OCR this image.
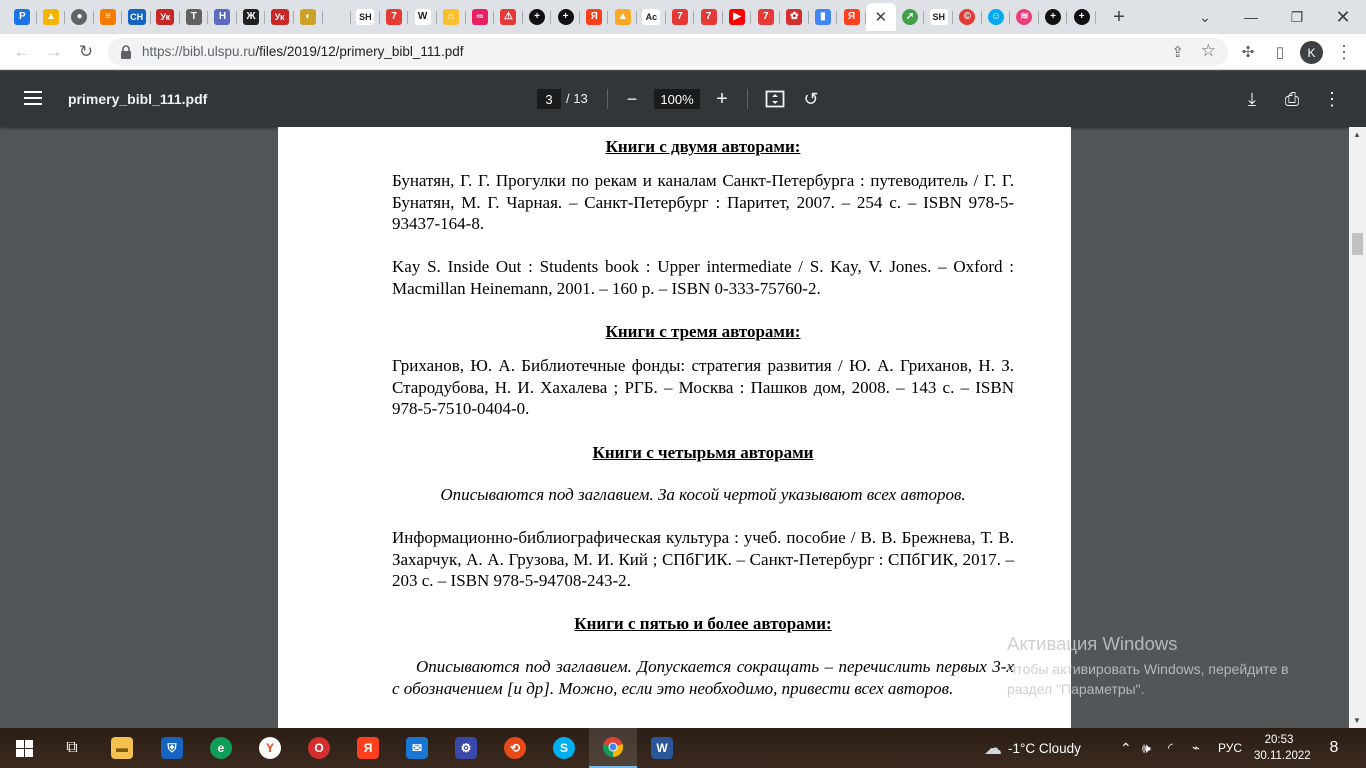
P	▲	●	≡	CH	Ук	T	H	Ж	Ук	◐	SH	7	W	⌂	∞	⚠	+	+	Я	▲	Ac	7	7	▶	7	✿	▮	Я ✕	➚	SH	©	☺	≋	+	+	+	⌄	—	❐	✕
← → ↻	https://bibl.ulspu.ru/files/2019/12/primery_bibl_111.pdf	⇪ ☆	✣	▯	⋮
K
primery_bibl_111.pdf	3	/ 13	−	100%	+	↺	⤓	⎙ ⋮
Книги с двумя авторами:
Бунатян, Г. Г. Прогулки по рекам и каналам Санкт-Петербурга : путеводитель / Г. Г. Бунатян, М. Г. Чарная. – Санкт-Петербург : Паритет, 2007. – 254 с. – ISBN 978-5-93437-164-8.
Kay S. Inside Out : Students book : Upper intermediate / S. Kay, V. Jones. – Oxford : Macmillan Heinemann, 2001. – 160 p. – ISBN 0-333-75760-2.
Книги с тремя авторами:
Гриханов, Ю. А. Библиотечные фонды: стратегия развития / Ю. А. Гриханов, Н. З. Стародубова, Н. И. Хахалева ; РГБ. – Москва : Пашков дом, 2008. – 143 с. – ISBN 978-5-7510-0404-0.
Книги с четырьмя авторами
Описываются под заглавием. За косой чертой указывают всех авторов.
Информационно-библиографическая культура : учеб. пособие / В. В. Брежнева, Т. В. Захарчук, А. А. Грузова, М. И. Кий ; СПбГИК. – Санкт-Петербург : СПбГИК, 2017. – 203 с. – ISBN 978-5-94708-243-2.
Книги с пятью и более авторами:
Описываются под заглавием. Допускается сокращать – перечислить первых 3-х с обозначением [и др]. Можно, если это необходимо, привести всех авторов.
▲
▼
Активация Windows
Чтобы активировать Windows, перейдите в
раздел "Параметры".
⧉	▬	⛨	e	Y	O	Я	✉	⚙	⟲	S	W	☁ -1°C Cloudy	⌃ 🕪 ◜ ⌁ РУС
20:53
30.11.2022 8
